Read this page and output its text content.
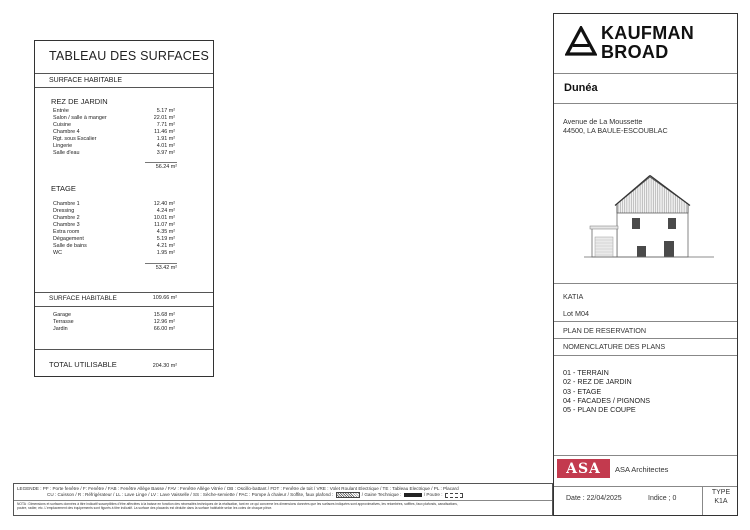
TABLEAU DES SURFACES
SURFACE HABITABLE
REZ DE JARDIN
Entrée	5.17 m²
Salon / salle à manger	22.01 m²
Cuisine	7.71 m²
Chambre 4	11.46 m²
Rgt. sous Escalier	1.91 m²
Lingerie	4.01 m²
Salle d'eau	3.97 m²
56.24 m²
ETAGE
Chambre 1	12.40 m²
Dressing	4.24 m²
Chambre 2	10.01 m²
Chambre 3	11.07 m²
Extra room	4.35 m²
Dégagement	5.19 m²
Salle de bains	4.21 m²
WC	1.95 m²
53.42 m²
SURFACE HABITABLE	109.66 m²
Garage	15.68 m²
Terrasse	12.96 m²
Jardin	66.00 m²
TOTAL UTILISABLE	204.30 m²
KAUFMAN
BROAD
Dunéa
Avenue de La Moussette
44500, LA BAULE-ESCOUBLAC
KATIA
Lot M04
PLAN DE RESERVATION
NOMENCLATURE DES PLANS
01 - TERRAIN
02 - REZ DE JARDIN
03 - ETAGE
04 - FACADES / PIGNONS
05 - PLAN DE COUPE
ASA ASA Architectes
LEGENDE : PF : Porte fenêtre / F: Fenêtre / FAB : Fenêtre Allège Basse / FAV : Fenêtre Allège Vitrée / OB : Oscillo-battant / FDT : Fenêtre de toit / VRE : Volet Roulant Electrique / TE : Tableau Electrique / PL : Placard
CU : Cuisson / R : Réfrigérateur / LL : Lave Linge / LV : Lave Vaisselle / SS : Sèche-serviette / PAC : Pompe à chaleur / Soffite, faux plafond :	/ Gaine Technique :	/ Poutre :
NOTA : Dimensions et surfaces données à titre indicatif susceptibles d'être affectées à la baisse en fonction des nécessités techniques de la réalisation, tant en ce qui concerne les dimensions données que les surfaces indiquées sont approximatives, les retombées, soffites, faux plafonds, canalisations,
poutre, radier, etc. L'emplacement des équipements sont figurés à titre indicatif. La surface des placards est déduite dans la surface habitable selon les cotes de chaque pièce.
Date : 22/04/2025	Indice ; 0
TYPE
K1A
